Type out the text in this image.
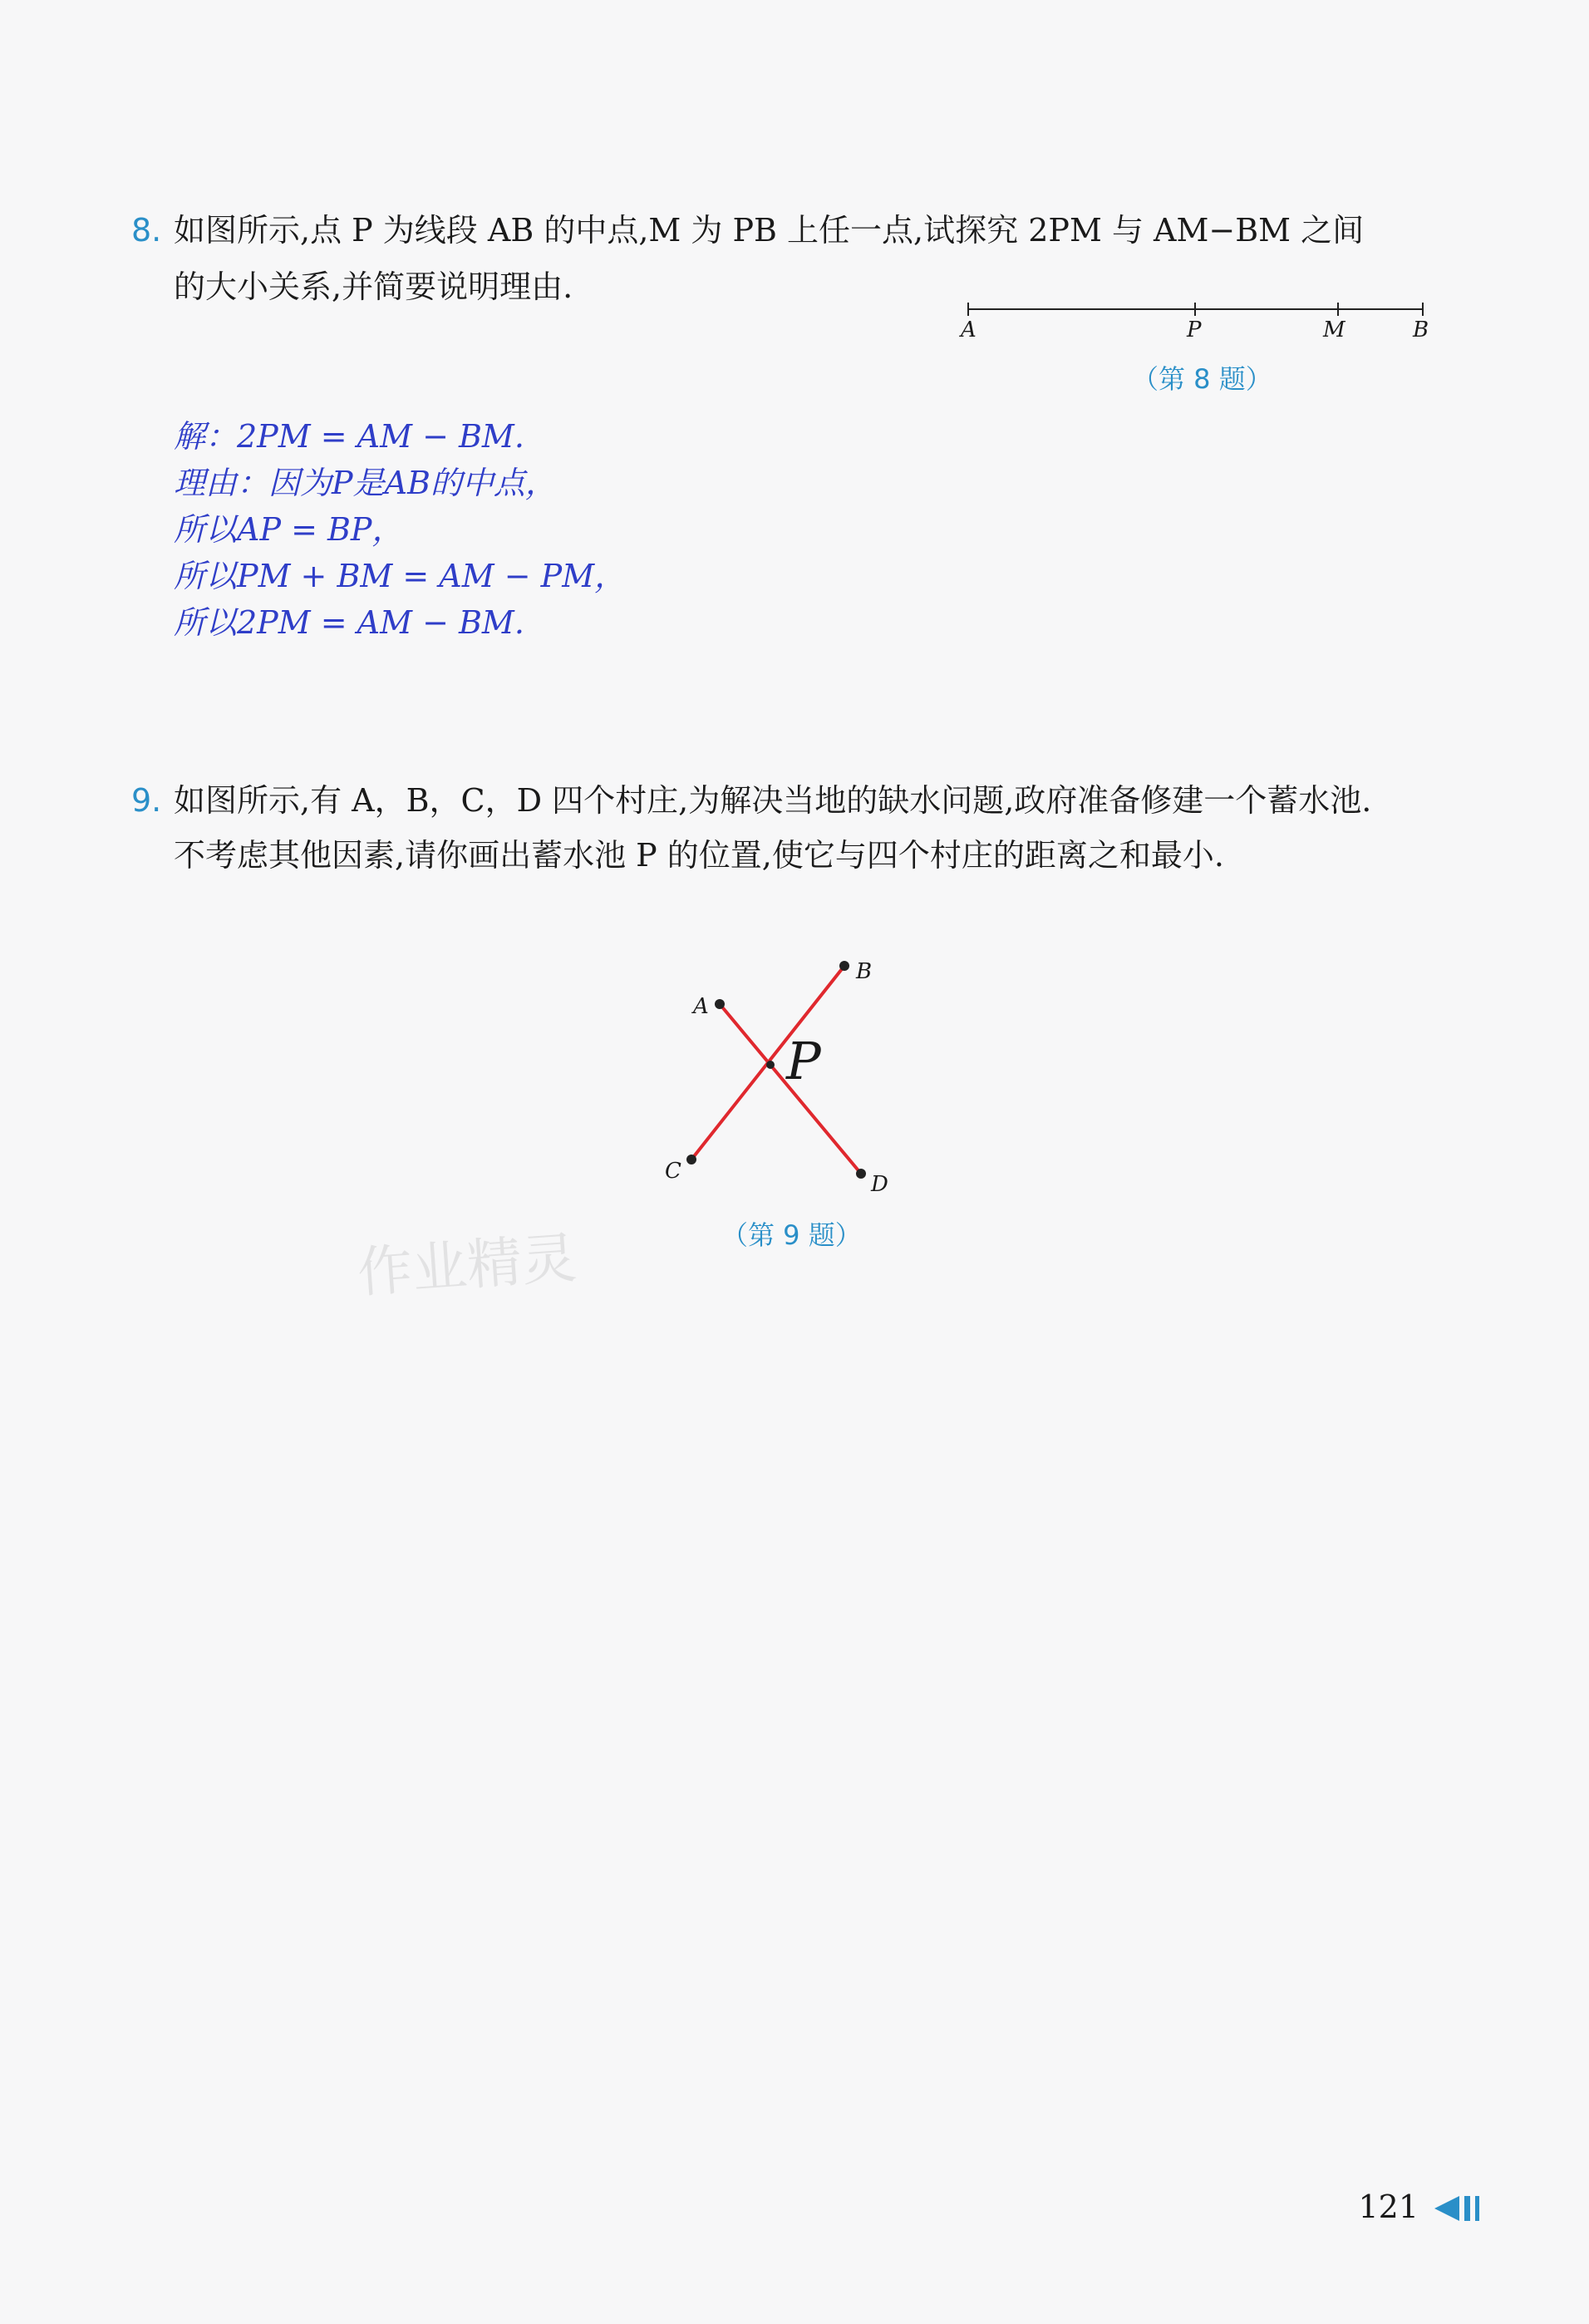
8. 如图所示,点 P 为线段 AB 的中点,M 为 PB 上任一点,试探究 2PM 与 AM−BM 之间
的大小关系,并简要说明理由.
A	P	M	B
（第 8 题）
解：2PM = AM − BM.
理由：因为P是AB的中点，
所以AP = BP，
所以PM + BM = AM − PM，
所以2PM = AM − BM.
9. 如图所示,有 A，B，C，D 四个村庄,为解决当地的缺水问题,政府准备修建一个蓄水池.
不考虑其他因素,请你画出蓄水池 P 的位置,使它与四个村庄的距离之和最小.
A
B
C
D
P
（第 9 题）
作业精灵
121
